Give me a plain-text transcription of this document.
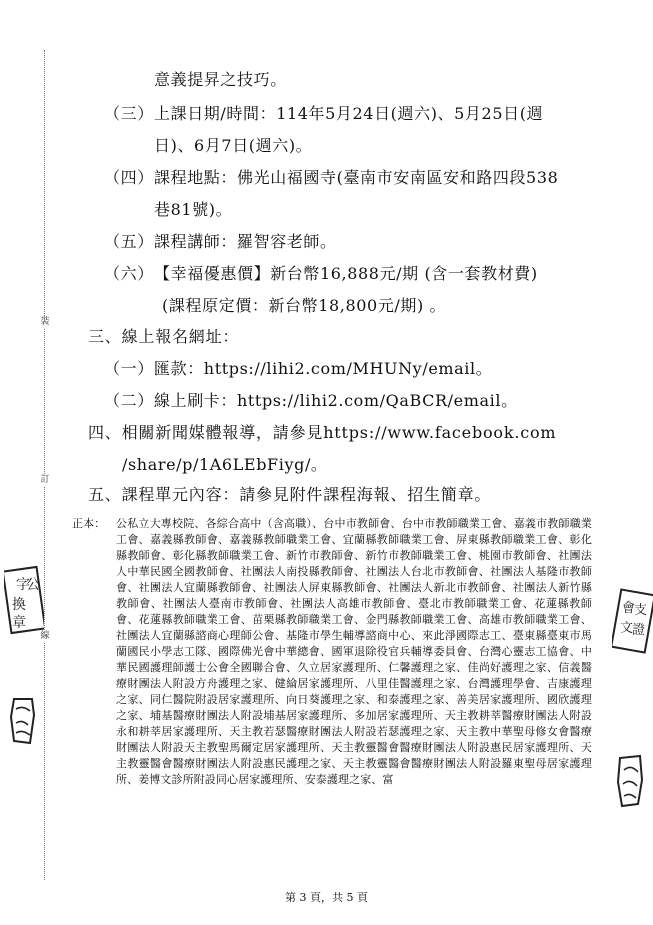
裝
訂
線
意義提昇之技巧。
（三） 上課日期/時間：114年5月24日(週六)、5月25日(週
日)、6月7日(週六)。
（四） 課程地點：佛光山福國寺(臺南市安南區安和路四段538
巷81號)。
（五） 課程講師：羅智容老師。
（六） 【幸福優惠價】新台幣16,888元/期 (含一套教材費)
(課程原定價：新台幣18,800元/期) 。
三、線上報名網址：
（一） 匯款：https://lihi2.com/MHUNy/email。
（二） 線上刷卡：https://lihi2.com/QaBCR/email。
四、相關新聞媒體報導，請參見https://www.facebook.com
/share/p/1A6LEbFiyg/。
五、課程單元內容：請參見附件課程海報、招生簡章。
正本： 公私立大專校院、各綜合高中（含高職）、台中市教師會、台中市教師職業工會、嘉義市教師職業工會、嘉義縣教師會、嘉義縣教師職業工會、宜蘭縣教師職業工會、屏東縣教師職業工會、彰化縣教師會、彰化縣教師職業工會、新竹市教師會、新竹市教師職業工會、桃園市教師會、社團法人中華民國全國教師會、社團法人南投縣教師會、社團法人台北市教師會、社團法人基隆市教師會、社團法人宜蘭縣教師會、社團法人屏東縣教師會、社團法人新北市教師會、社團法人新竹縣教師會、社團法人臺南市教師會、社團法人高雄市教師會、臺北市教師職業工會、花蓮縣教師會、花蓮縣教師職業工會、苗栗縣教師職業工會、金門縣教師職業工會、高雄市教師職業工會、社團法人宜蘭縣諮商心理師公會、基隆市學生輔導諮商中心、來此淨國際志工、臺東縣臺東市馬蘭國民小學志工隊、國際佛光會中華總會、國軍退除役官兵輔導委員會、台灣心靈志工協會、中華民國護理師護士公會全國聯合會、久立居家護理所、仁馨護理之家、佳尚好護理之家、信義醫療財團法人附設方舟護理之家、健綸居家護理所、八里佳醫護理之家、台灣護理學會、吉康護理之家、同仁醫院附設居家護理所、向日葵護理之家、和泰護理之家、善美居家護理所、國欣護理之家、埔基醫療財團法人附設埔基居家護理所、多加居家護理所、天主教耕莘醫療財團法人附設永和耕莘居家護理所、天主教若瑟醫療財團法人附設若瑟護理之家、天主教中華聖母修女會醫療財團法人附設天主教聖馬爾定居家護理所、天主教靈醫會醫療財團法人附設惠民居家護理所、天主教靈醫會醫療財團法人附設惠民護理之家、天主教靈醫會醫療財團法人附設羅東聖母居家護理所、姜博文診所附設同心居家護理所、安泰護理之家、富
字
公
換
章
會
支
文
證
第 3 頁，共 5 頁
